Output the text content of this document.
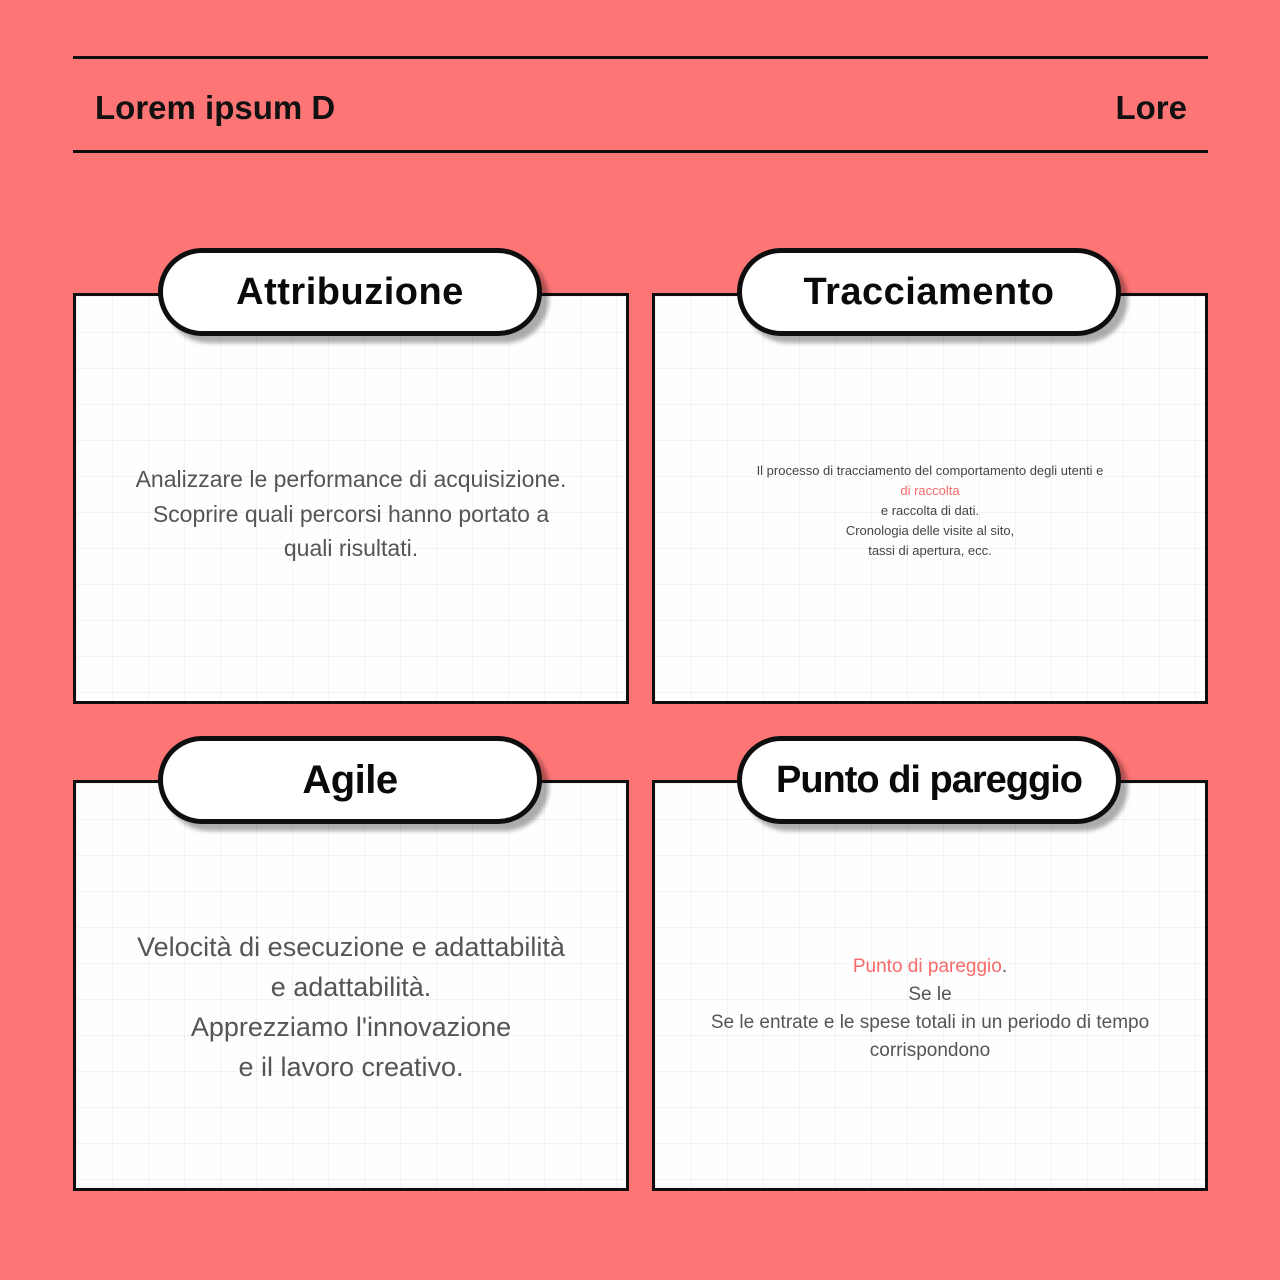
Lorem ipsum D	Lore
Analizzare le performance di acquisizione.
Scoprire quali percorsi hanno portato a
quali risultati.
Attribuzione
Il processo di tracciamento del comportamento degli utenti e
di raccolta
e raccolta di dati.
Cronologia delle visite al sito,
tassi di apertura, ecc.
Tracciamento
Velocità di esecuzione e adattabilità
e adattabilità.
Apprezziamo l'innovazione
e il lavoro creativo.
Agile
Punto di pareggio.
Se le
Se le entrate e le spese totali in un periodo di tempo
corrispondono
Punto di pareggio
